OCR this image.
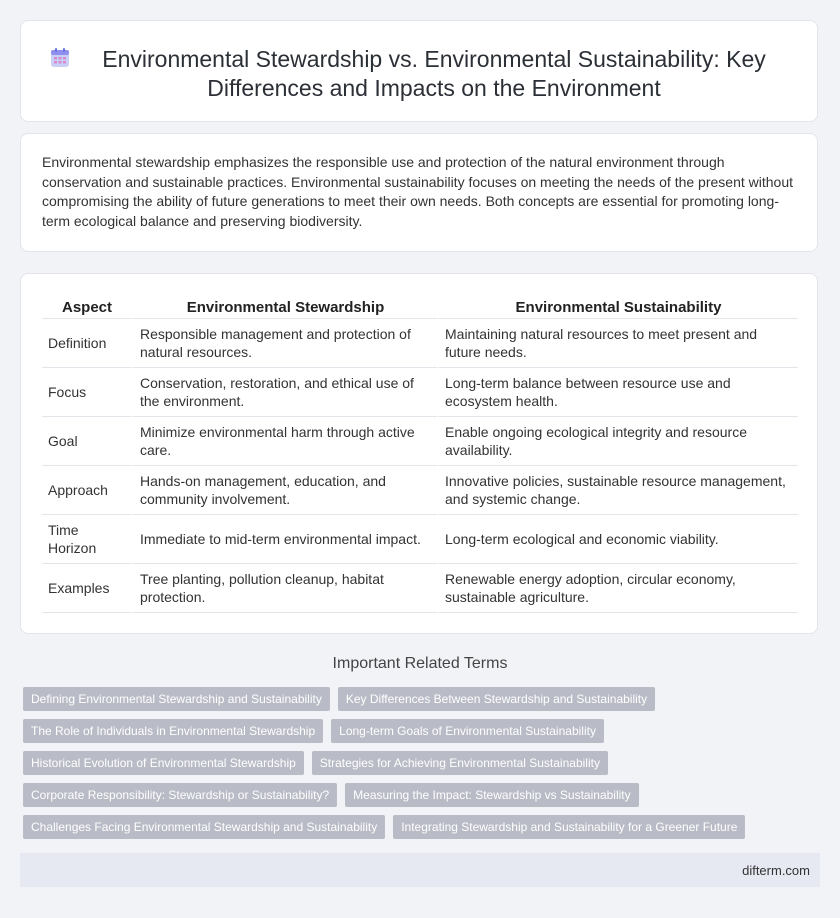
Environmental Stewardship vs. Environmental Sustainability: Key Differences and Impacts on the Environment

Environmental stewardship emphasizes the responsible use and protection of the natural environment through conservation and sustainable practices. Environmental sustainability focuses on meeting the needs of the present without compromising the ability of future generations to meet their own needs. Both concepts are essential for promoting long-term ecological balance and preserving biodiversity.

Aspect	Environmental Stewardship	Environmental Sustainability
Definition	Responsible management and protection of natural resources.	Maintaining natural resources to meet present and future needs.
Focus	Conservation, restoration, and ethical use of the environment.	Long-term balance between resource use and ecosystem health.
Goal	Minimize environmental harm through active care.	Enable ongoing ecological integrity and resource availability.
Approach	Hands-on management, education, and community involvement.	Innovative policies, sustainable resource management, and systemic change.
Time Horizon	Immediate to mid-term environmental impact.	Long-term ecological and economic viability.
Examples	Tree planting, pollution cleanup, habitat protection.	Renewable energy adoption, circular economy, sustainable agriculture.
Important Related Terms
Defining Environmental Stewardship and Sustainability	Key Differences Between Stewardship and Sustainability
The Role of Individuals in Environmental Stewardship	Long-term Goals of Environmental Sustainability
Historical Evolution of Environmental Stewardship	Strategies for Achieving Environmental Sustainability
Corporate Responsibility: Stewardship or Sustainability?	Measuring the Impact: Stewardship vs Sustainability
Challenges Facing Environmental Stewardship and Sustainability	Integrating Stewardship and Sustainability for a Greener Future
difterm.com
